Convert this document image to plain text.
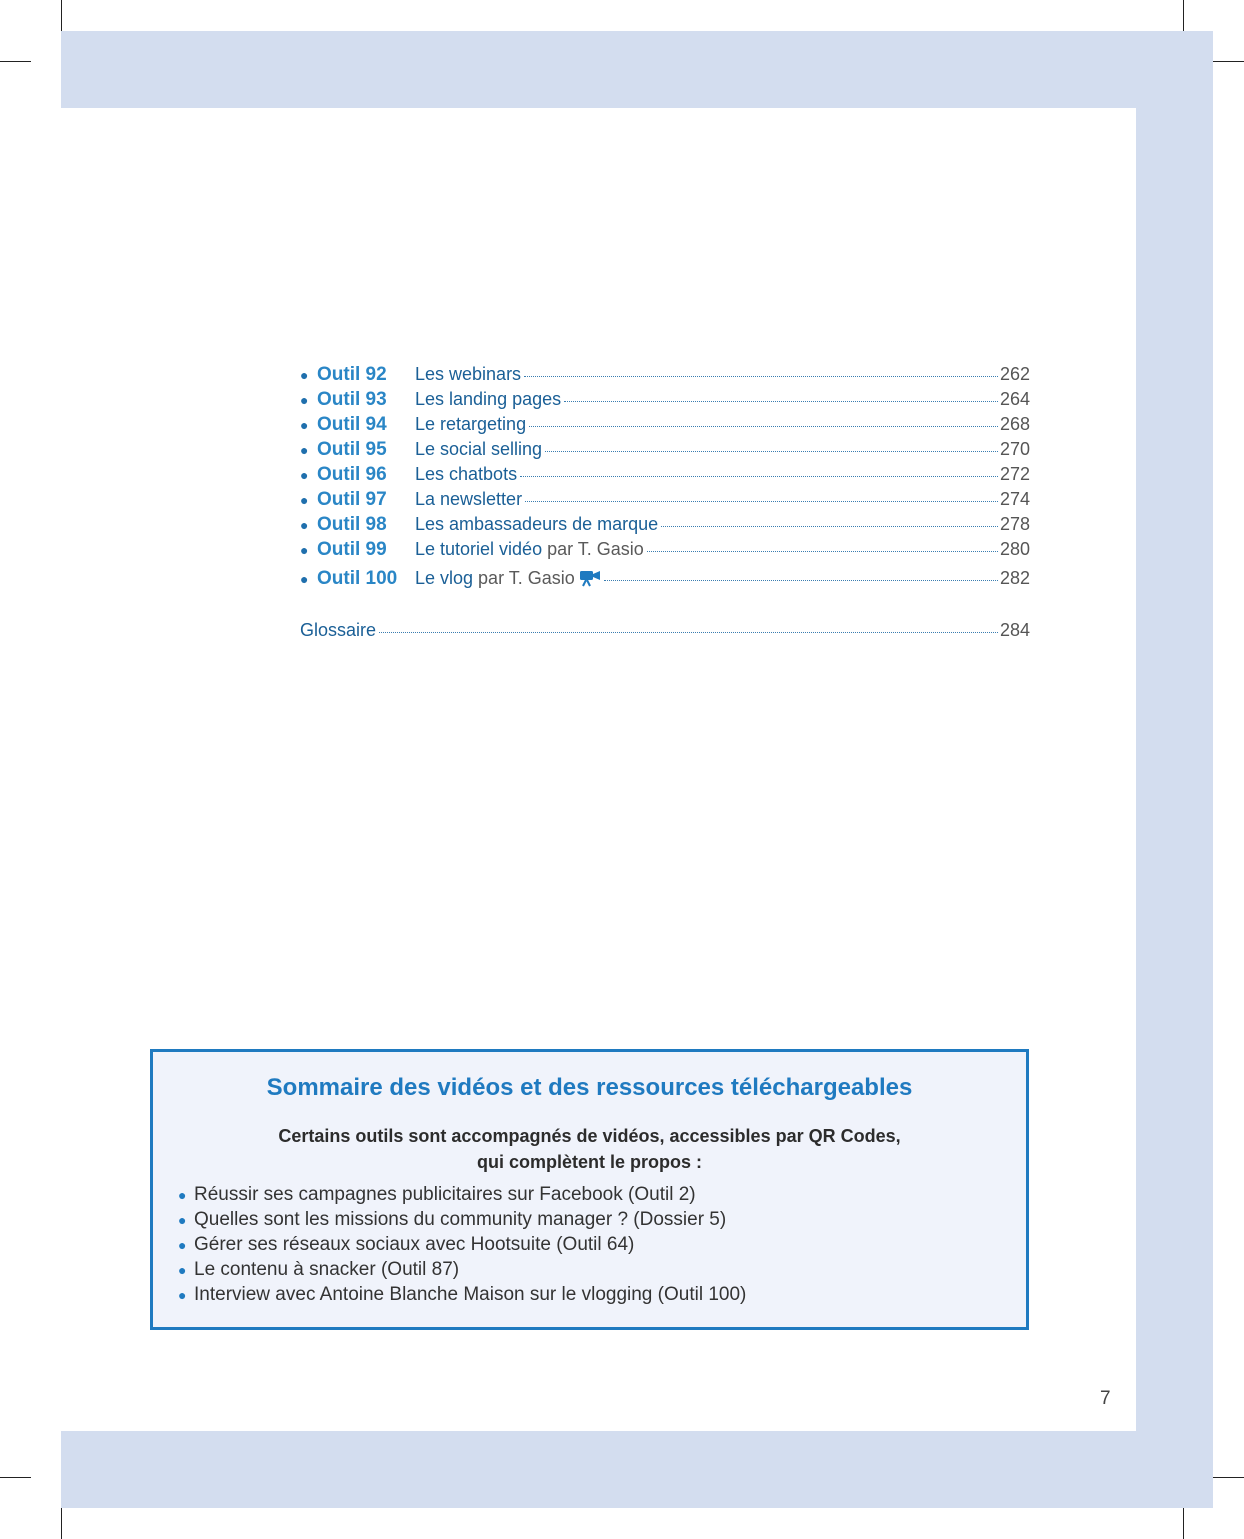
● Outil 92	Les webinars	262
● Outil 93	Les landing pages	264
● Outil 94	Le retargeting	268
● Outil 95	Le social selling	270
● Outil 96	Les chatbots	272
● Outil 97	La newsletter	274
● Outil 98	Les ambassadeurs de marque	278
● Outil 99	Le tutoriel vidéo par T. Gasio	280
● Outil 100 Le vlog par T. Gasio	282
Glossaire	284
Sommaire des vidéos et des ressources téléchargeables
Certains outils sont accompagnés de vidéos, accessibles par QR Codes,
qui complètent le propos :
● Réussir ses campagnes publicitaires sur Facebook (Outil 2)
● Quelles sont les missions du community manager ? (Dossier 5)
● Gérer ses réseaux sociaux avec Hootsuite (Outil 64)
● Le contenu à snacker (Outil 87)
● Interview avec Antoine Blanche Maison sur le vlogging (Outil 100)
7
